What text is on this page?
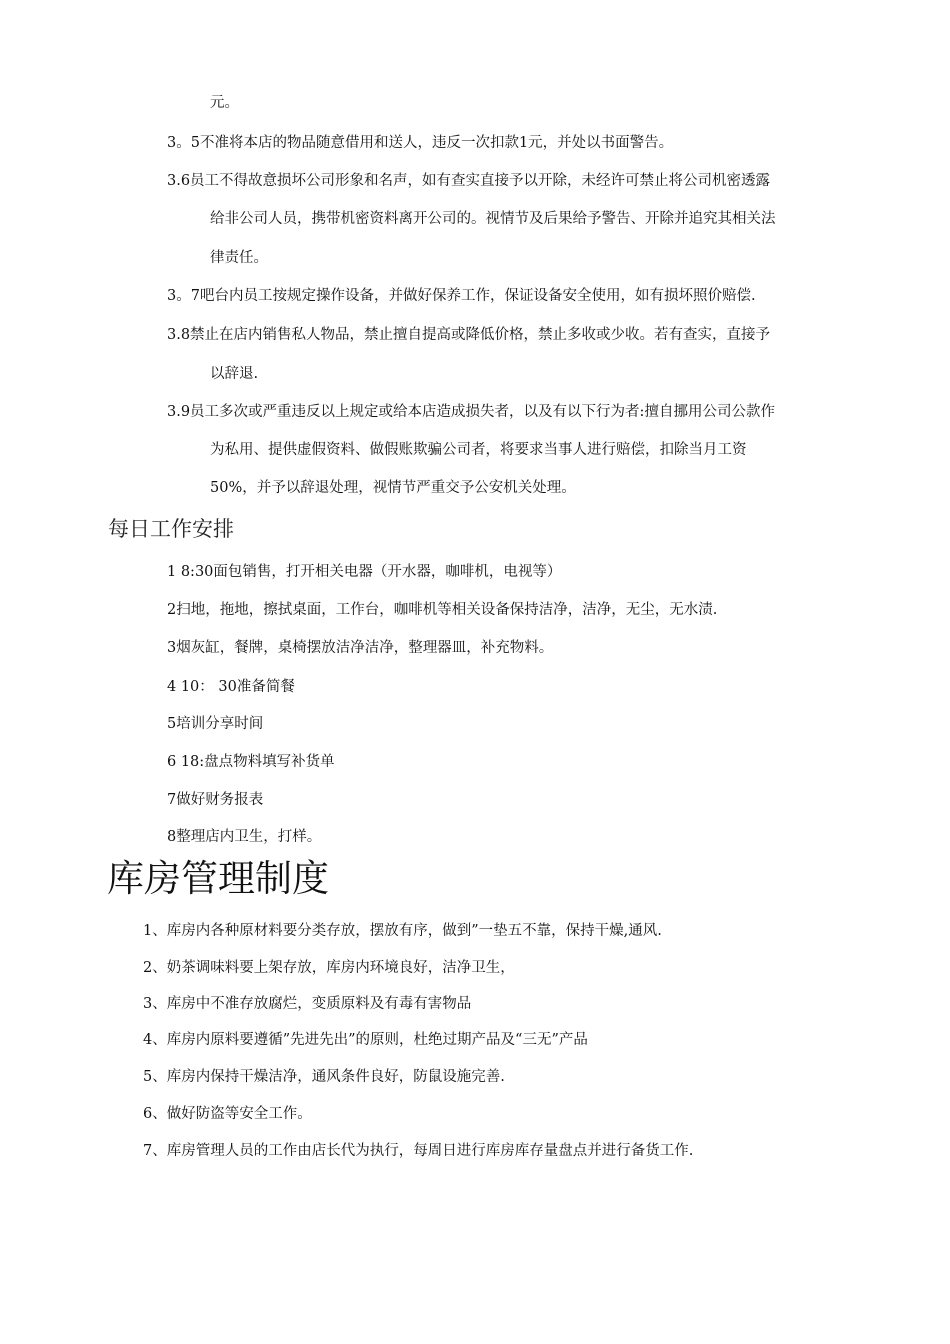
元。
3。5不准将本店的物品随意借用和送人，违反一次扣款1元，并处以书面警告。
3.6员工不得故意损坏公司形象和名声，如有查实直接予以开除，未经许可禁止将公司机密透露
给非公司人员，携带机密资料离开公司的。视情节及后果给予警告、开除并追究其相关法
律责任。
3。7吧台内员工按规定操作设备，并做好保养工作，保证设备安全使用，如有损坏照价赔偿.
3.8禁止在店内销售私人物品，禁止擅自提高或降低价格，禁止多收或少收。若有查实，直接予
以辞退.
3.9员工多次或严重违反以上规定或给本店造成损失者，以及有以下行为者:擅自挪用公司公款作
为私用、提供虚假资料、做假账欺骗公司者，将要求当事人进行赔偿，扣除当月工资
50%，并予以辞退处理，视情节严重交予公安机关处理。
每日工作安排
1 8:30面包销售，打开相关电器（开水器，咖啡机，电视等）
2扫地，拖地，擦拭桌面，工作台，咖啡机等相关设备保持洁净，洁净，无尘，无水渍.
3烟灰缸，餐牌，桌椅摆放洁净洁净，整理器皿，补充物料。
4 10： 30准备简餐
5培训分享时间
6 18:盘点物料填写补货单
7做好财务报表
8整理店内卫生，打样。
库房管理制度
1、库房内各种原材料要分类存放，摆放有序，做到”一垫五不靠，保持干燥,通风.
2、奶茶调味料要上架存放，库房内环境良好，洁净卫生，
3、库房中不准存放腐烂，变质原料及有毒有害物品
4、库房内原料要遵循”先进先出”的原则，杜绝过期产品及“三无”产品
5、库房内保持干燥洁净，通风条件良好，防鼠设施完善.
6、做好防盗等安全工作。
7、库房管理人员的工作由店长代为执行，每周日进行库房库存量盘点并进行备货工作.
